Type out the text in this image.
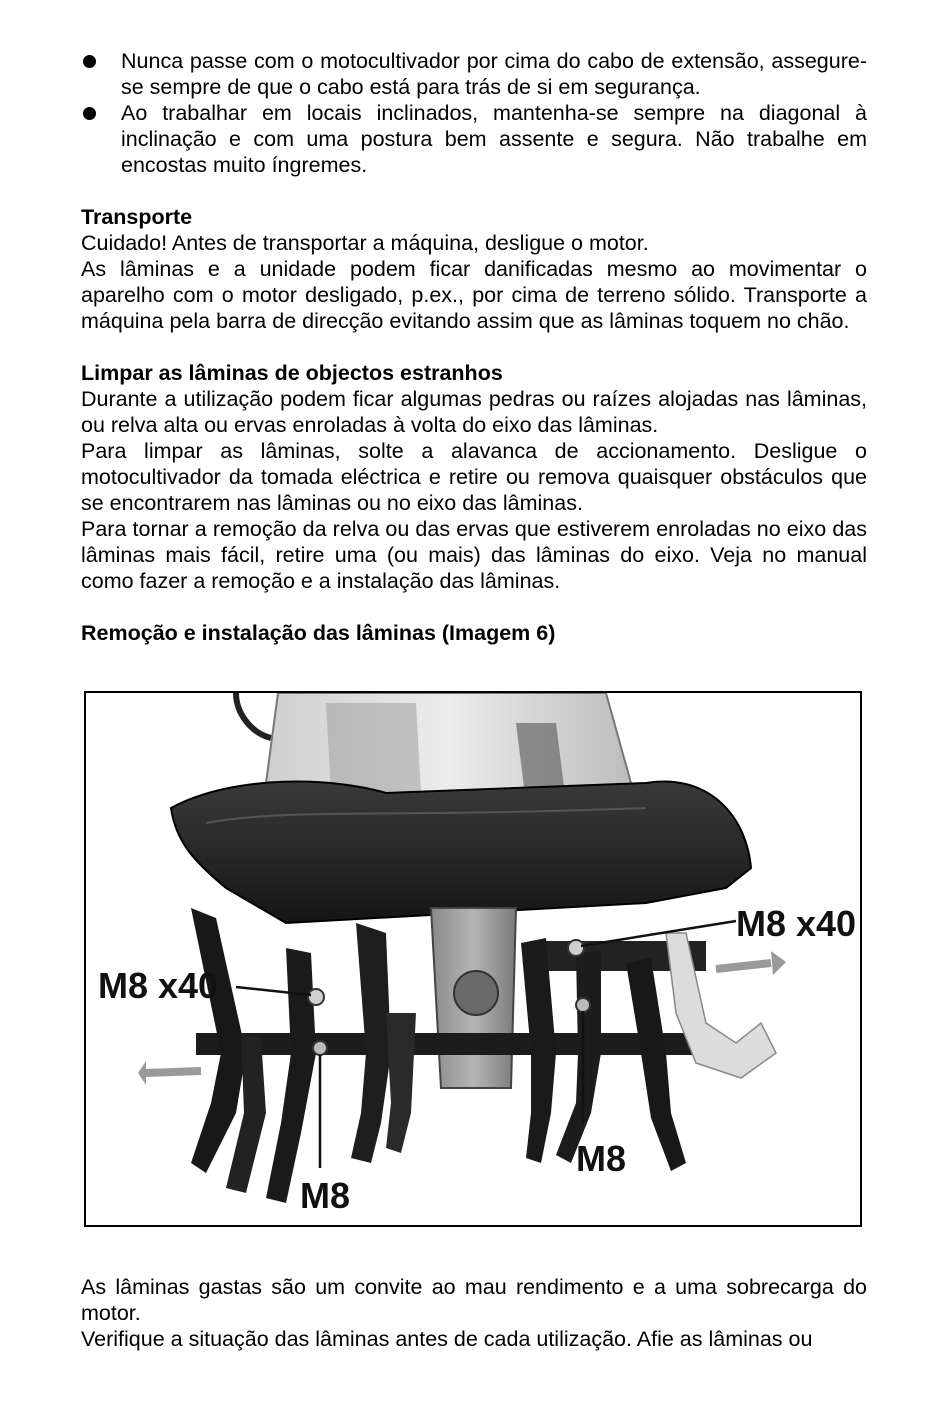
Nunca passe com o motocultivador por cima do cabo de extensão, assegure-se sempre de que o cabo está para trás de si em segurança.
Ao trabalhar em locais inclinados, mantenha-se sempre na diagonal à inclinação e com uma postura bem assente e segura. Não trabalhe em encostas muito íngremes.
Transporte

Cuidado! Antes de transportar a máquina, desligue o motor.

As lâminas e a unidade podem ficar danificadas mesmo ao movimentar o aparelho com o motor desligado, p.ex., por cima de terreno sólido. Transporte a máquina pela barra de direcção evitando assim que as lâminas toquem no chão.

Limpar as lâminas de objectos estranhos

Durante a utilização podem ficar algumas pedras ou raízes alojadas nas lâminas, ou relva alta ou ervas enroladas à volta do eixo das lâminas.

Para limpar as lâminas, solte a alavanca de accionamento. Desligue o motocultivador da tomada eléctrica e retire ou remova quaisquer obstáculos que se encontrarem nas lâminas ou no eixo das lâminas.

Para tornar a remoção da relva ou das ervas que estiverem enroladas no eixo das lâminas mais fácil, retire uma (ou mais) das lâminas do eixo. Veja no manual como fazer a remoção e a instalação das lâminas.

Remoção e instalação das lâminas (Imagem 6)
M8 x40
M8 x40
M8
M8

As lâminas gastas são um convite ao mau rendimento e a uma sobrecarga do motor.

Verifique a situação das lâminas antes de cada utilização. Afie as lâminas ou
